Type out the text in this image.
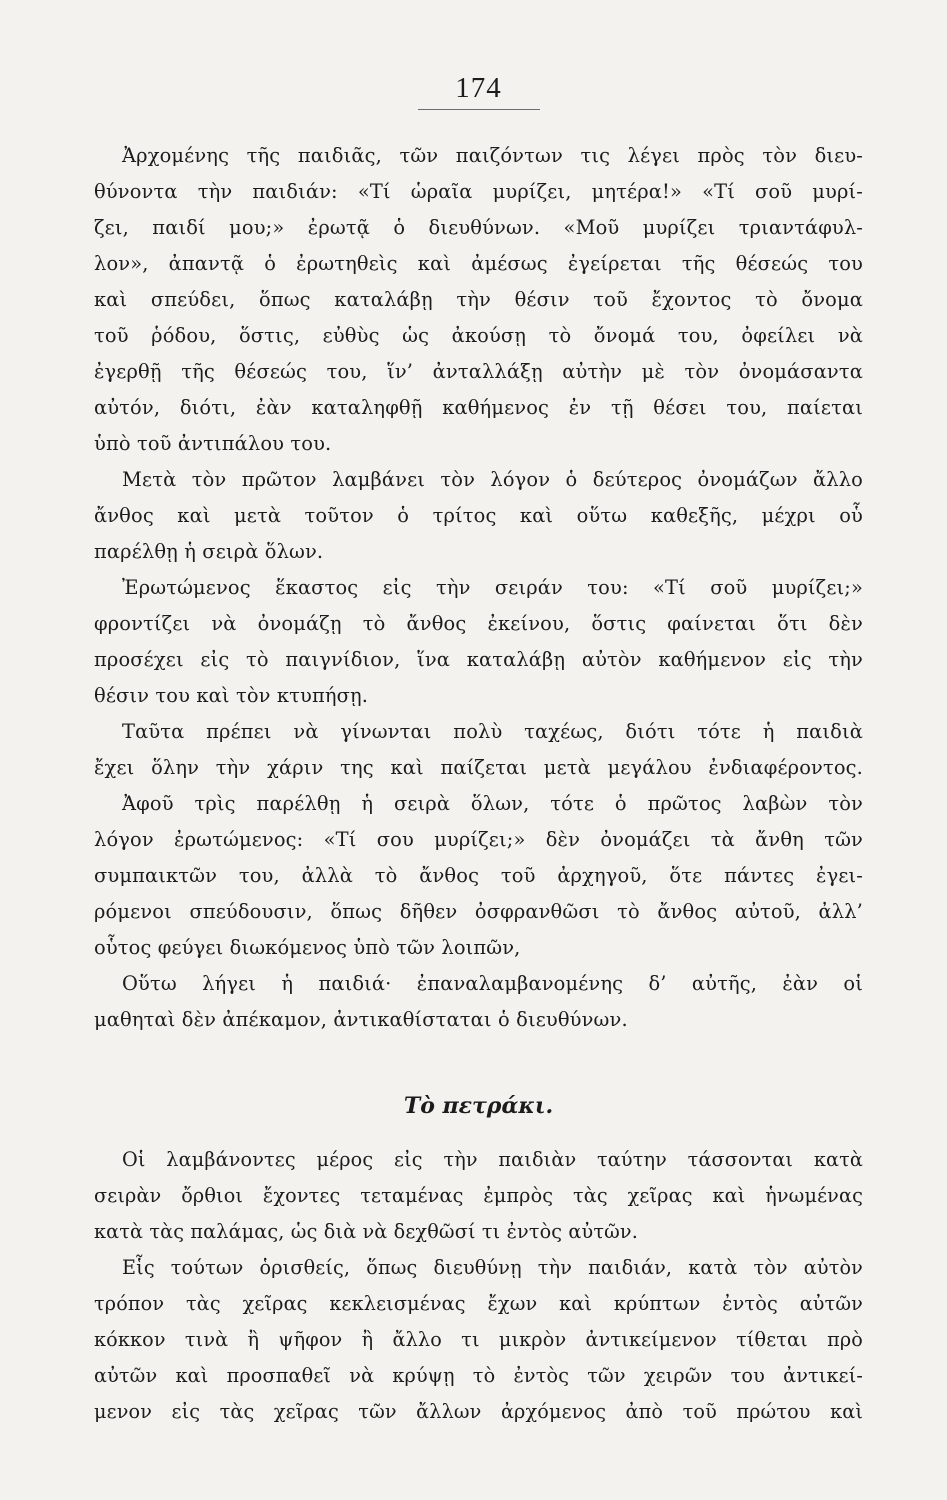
174
Ἀρχομένης τῆς παιδιᾶς, τῶν παιζόντων τις λέγει πρὸς τὸν διευ-
θύνοντα τὴν παιδιάν: «Τί ὡραῖα μυρίζει, μητέρα!» «Τί σοῦ μυρί-
ζει, παιδί μου;» ἐρωτᾷ ὁ διευθύνων. «Μοῦ μυρίζει τριαντάφυλ-
λον», ἀπαντᾷ ὁ ἐρωτηθεὶς καὶ ἀμέσως ἐγείρεται τῆς θέσεώς του
καὶ σπεύδει, ὅπως καταλάβῃ τὴν θέσιν τοῦ ἔχοντος τὸ ὄνομα
τοῦ ῥόδου, ὅστις, εὐθὺς ὡς ἀκούσῃ τὸ ὄνομά του, ὀφείλει νὰ
ἐγερθῇ τῆς θέσεώς του, ἵν’ ἀνταλλάξῃ αὐτὴν μὲ τὸν ὀνομάσαντα
αὐτόν, διότι, ἐὰν καταληφθῇ καθήμενος ἐν τῇ θέσει του, παίεται
ὑπὸ τοῦ ἀντιπάλου του.
Μετὰ τὸν πρῶτον λαμβάνει τὸν λόγον ὁ δεύτερος ὀνομάζων ἄλλο
ἄνθος καὶ μετὰ τοῦτον ὁ τρίτος καὶ οὕτω καθεξῆς, μέχρι οὗ
παρέλθῃ ἡ σειρὰ ὅλων.
Ἐρωτώμενος ἕκαστος εἰς τὴν σειράν του: «Τί σοῦ μυρίζει;»
φροντίζει νὰ ὀνομάζῃ τὸ ἄνθος ἐκείνου, ὅστις φαίνεται ὅτι δὲν
προσέχει εἰς τὸ παιγνίδιον, ἵνα καταλάβῃ αὐτὸν καθήμενον εἰς τὴν
θέσιν του καὶ τὸν κτυπήσῃ.
Ταῦτα πρέπει νὰ γίνωνται πολὺ ταχέως, διότι τότε ἡ παιδιὰ
ἔχει ὅλην τὴν χάριν της καὶ παίζεται μετὰ μεγάλου ἐνδιαφέροντος.
Ἀφοῦ τρὶς παρέλθῃ ἡ σειρὰ ὅλων, τότε ὁ πρῶτος λαβὼν τὸν
λόγον ἐρωτώμενος: «Τί σου μυρίζει;» δὲν ὀνομάζει τὰ ἄνθη τῶν
συμπαικτῶν του, ἀλλὰ τὸ ἄνθος τοῦ ἀρχηγοῦ, ὅτε πάντες ἐγει-
ρόμενοι σπεύδουσιν, ὅπως δῆθεν ὀσφρανθῶσι τὸ ἄνθος αὐτοῦ, ἀλλ’
οὗτος φεύγει διωκόμενος ὑπὸ τῶν λοιπῶν,
Οὕτω λήγει ἡ παιδιά· ἐπαναλαμβανομένης δ’ αὐτῆς, ἐὰν οἱ
μαθηταὶ δὲν ἀπέκαμον, ἀντικαθίσταται ὁ διευθύνων.
Τὸ πετράκι.
Οἱ λαμβάνοντες μέρος εἰς τὴν παιδιὰν ταύτην τάσσονται κατὰ
σειρὰν ὄρθιοι ἔχοντες τεταμένας ἐμπρὸς τὰς χεῖρας καὶ ἡνωμένας
κατὰ τὰς παλάμας, ὡς διὰ νὰ δεχθῶσί τι ἐντὸς αὐτῶν.
Εἷς τούτων ὁρισθείς, ὅπως διευθύνῃ τὴν παιδιάν, κατὰ τὸν αὐτὸν
τρόπον τὰς χεῖρας κεκλεισμένας ἔχων καὶ κρύπτων ἐντὸς αὐτῶν
κόκκον τινὰ ἢ ψῆφον ἢ ἄλλο τι μικρὸν ἀντικείμενον τίθεται πρὸ
αὐτῶν καὶ προσπαθεῖ νὰ κρύψῃ τὸ ἐντὸς τῶν χειρῶν του ἀντικεί-
μενον εἰς τὰς χεῖρας τῶν ἄλλων ἀρχόμενος ἀπὸ τοῦ πρώτου καὶ
